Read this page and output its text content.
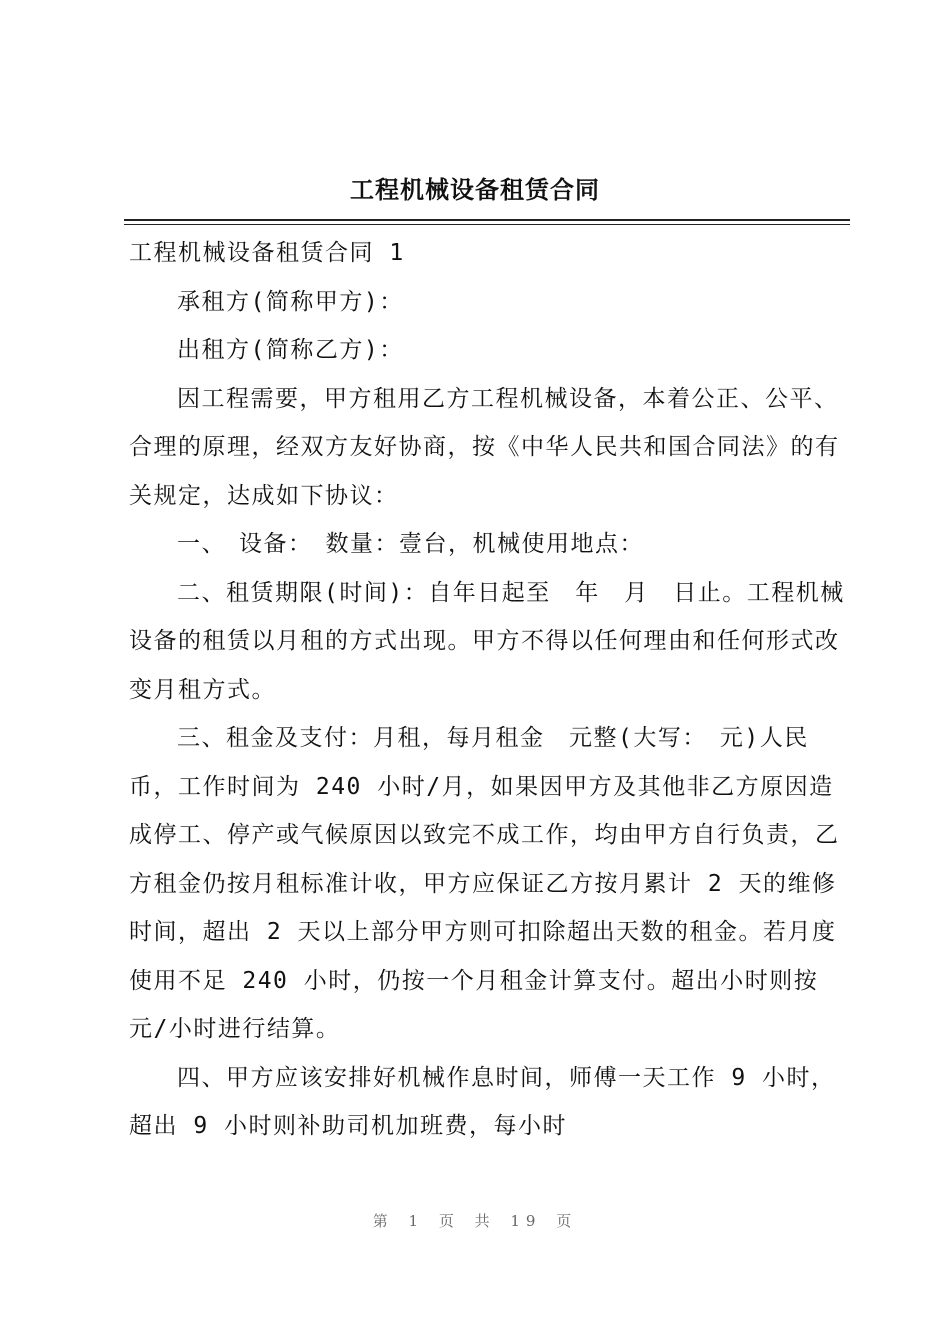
工程机械设备租赁合同

工程机械设备租赁合同 1

承租方(简称甲方)：

出租方(简称乙方)：

因工程需要，甲方租用乙方工程机械设备，本着公正、公平、合理的原理，经双方友好协商，按《中华人民共和国合同法》的有关规定，达成如下协议：

一、　设备：　数量：壹台，机械使用地点：

二、租赁期限(时间)：自年日起至　年　月　日止。工程机械设备的租赁以月租的方式出现。甲方不得以任何理由和任何形式改变月租方式。

三、租金及支付：月租，每月租金　元整(大写：　元)人民币，工作时间为 240 小时/月，如果因甲方及其他非乙方原因造成停工、停产或气候原因以致完不成工作，均由甲方自行负责，乙方租金仍按月租标准计收，甲方应保证乙方按月累计 2 天的维修时间，超出 2 天以上部分甲方则可扣除超出天数的租金。若月度使用不足 240 小时，仍按一个月租金计算支付。超出小时则按　元/小时进行结算。

四、甲方应该安排好机械作息时间，师傅一天工作 9 小时，超出 9 小时则补助司机加班费，每小时

第 1 页 共 19 页
